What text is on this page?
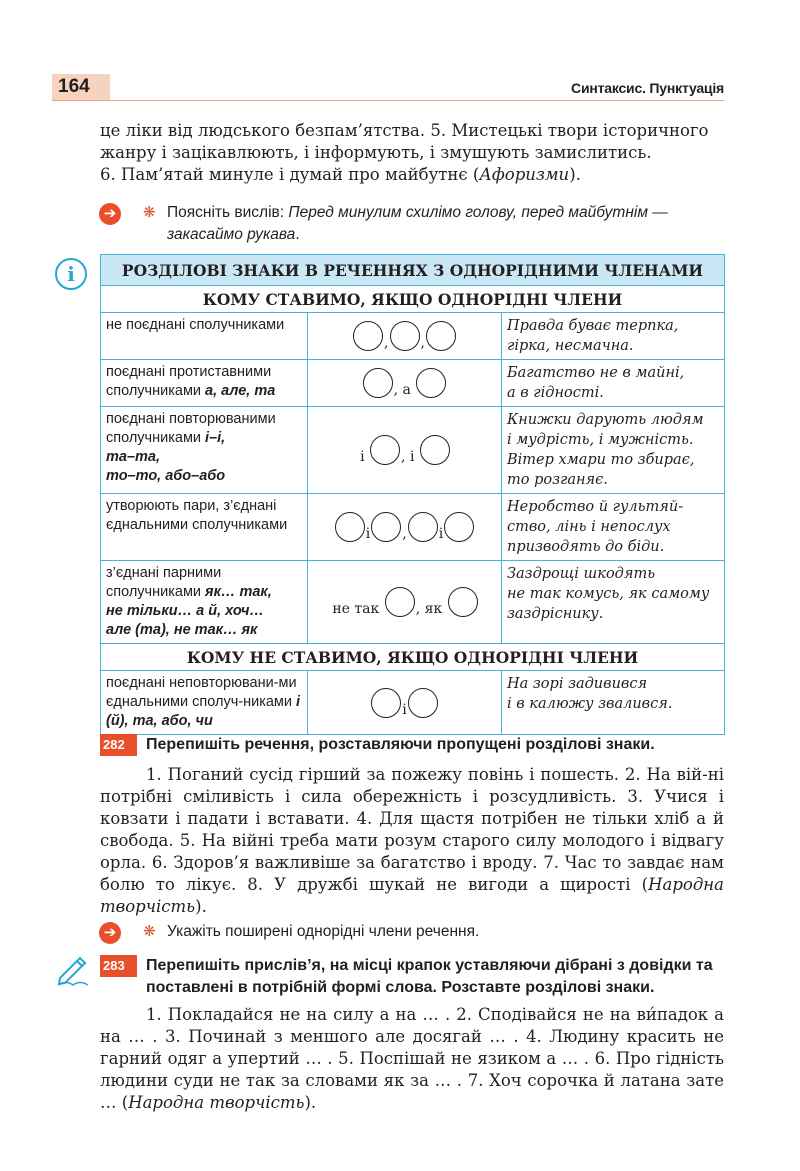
164	Синтаксис. Пунктуація

це ліки від людського безпам’ятства. 5. Мистецькі твори історичного

жанру і зацікавлюють, і інформують, і змушують замислитись.

6. Пам’ятай минуле і думай про майбутнє (Афоризми).

➔	❋ Поясніть вислів: Перед минулим схилімо голову, перед майбутнім —
закасаймо рукава.
i	РОЗДІЛОВІ ЗНАКИ В РЕЧЕННЯХ З ОДНОРІДНИМИ ЧЛЕНАМИ		
КОМУ СТАВИМО, ЯКЩО ОДНОРІДНІ ЧЛЕНИ		
не поєднані сполучниками	, ,	Правда буває терпка,
гірка, несмачна.
поєднані протиставними сполучниками а, але, та	, а	Багатство не в майні,
а в гідності.
поєднані повторюваними сполучниками і–і,
та–та,
то–то, або–або	і , і	Книжки дарують людям
і мудрість, і мужність.
Вітер хмари то збирає,
то розганяє.
утворюють пари, з’єднані єднальними сполучниками	і , і	Неробство й гультяй-
ство, лінь і непослух
призводять до біди.
з’єднані парними сполучниками як… так,
не тільки… а й, хоч…
але (та), не так… як	не так , як	Заздрощі шкодять
не так комусь, як самому
заздріснику.
КОМУ НЕ СТАВИМО, ЯКЩО ОДНОРІДНІ ЧЛЕНИ		
поєднані неповторювани-ми єднальними сполуч-никами і (й), та, або, чи	і	На зорі задивився
і в калюжу звалився.
282	Перепишіть речення, розставляючи пропущені розділові знаки.

1. Поганий сусід гірший за пожежу повінь і пошесть. 2. На вій-ні потрібні сміливість і сила обережність і розсудливість. 3. Учися і ковзати і падати і вставати. 4. Для щастя потрібен не тільки хліб а й свобода. 5. На війні треба мати розум старого силу молодого і відвагу орла. 6. Здоров’я важливіше за багатство і вроду. 7. Час то завдає нам болю то лікує. 8. У дружбі шукай не вигоди а щирості (Народна творчість).

➔	❋ Укажіть поширені однорідні члени речення.
283	Перепишіть прислів’я, на місці крапок уставляючи дібрані з довідки та поставлені в потрібній формі слова. Розставте розділові знаки.

1. Покладайся не на силу а на … . 2. Сподівайся не на ви́падок а на … . 3. Починай з меншого але досягай … . 4. Людину красить не гарний одяг а упертий … . 5. Поспішай не язиком а … . 6. Про гідність людини суди не так за словами як за … . 7. Хоч сорочка й латана зате … (Народна творчість).
